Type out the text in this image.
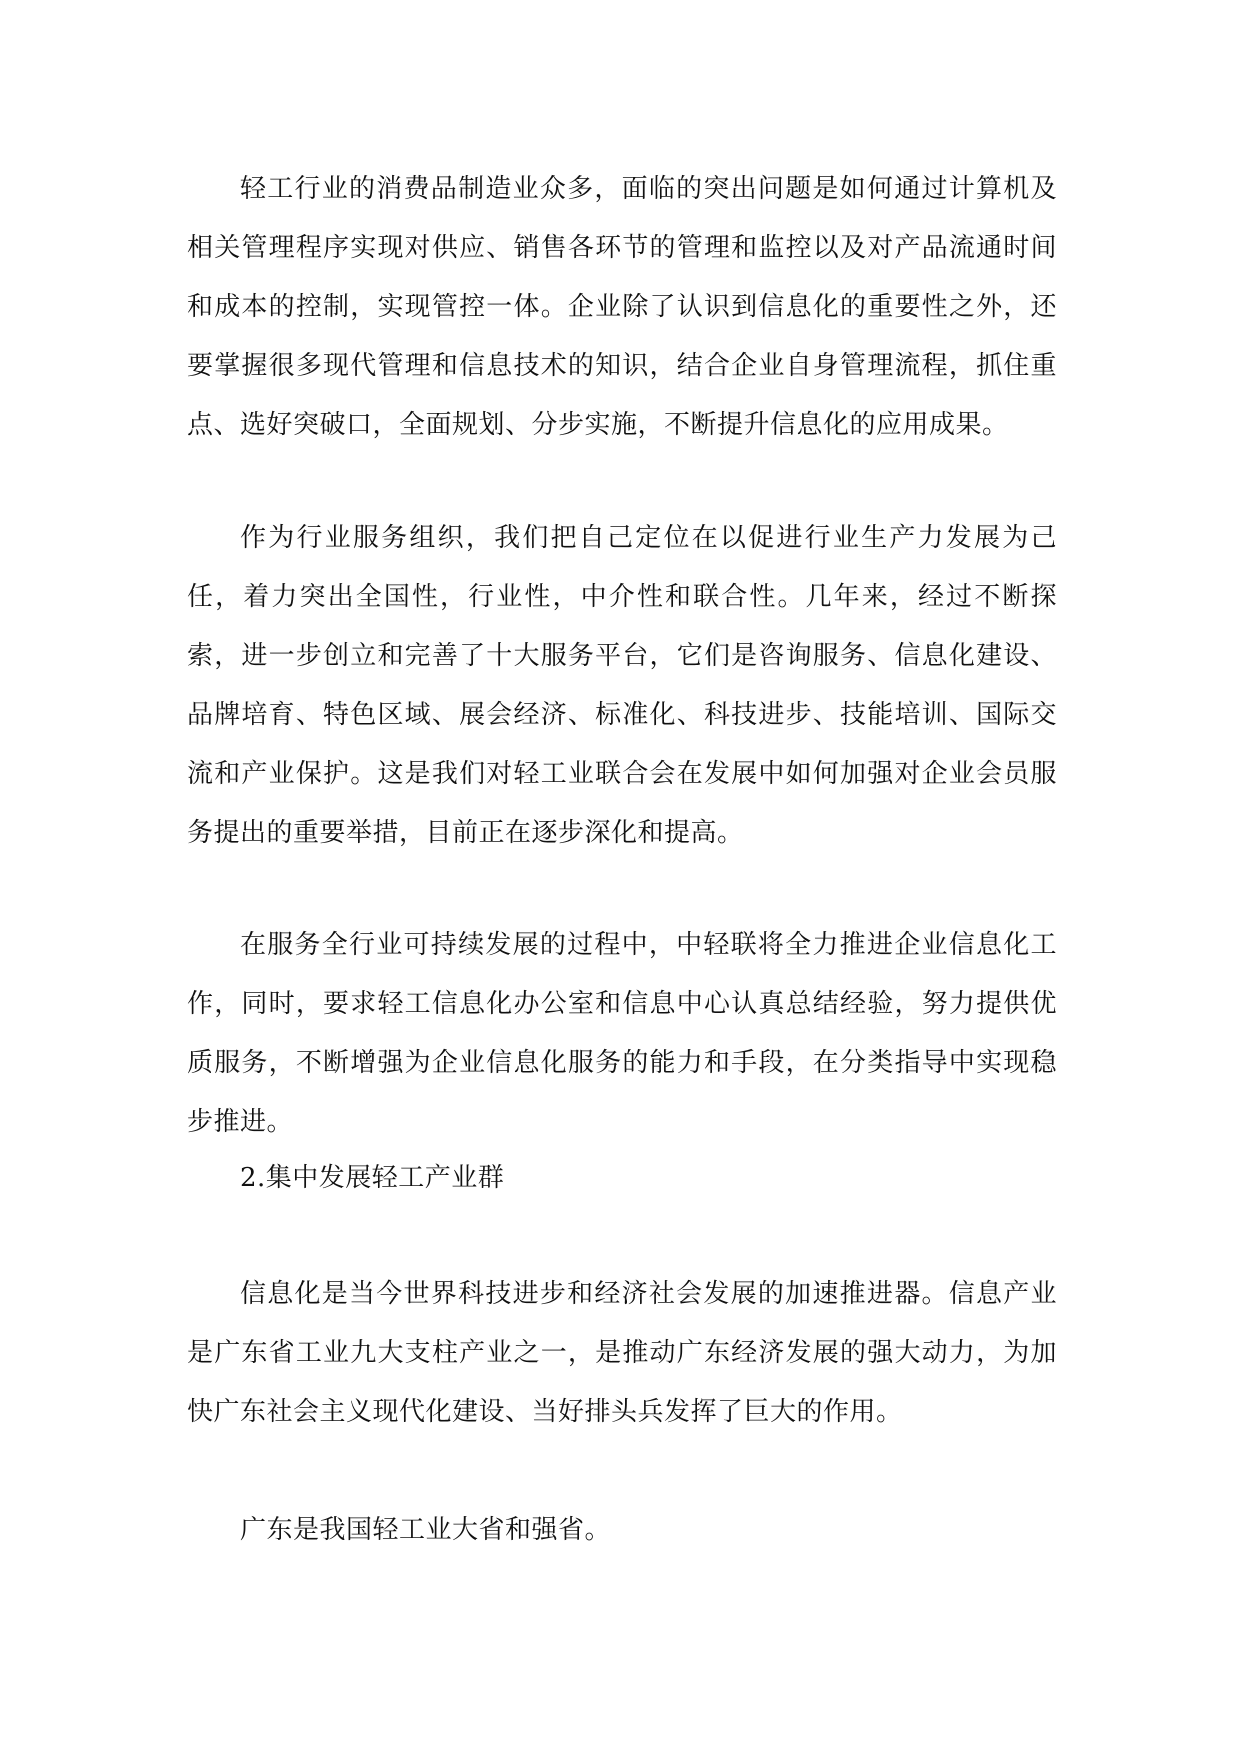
轻工行业的消费品制造业众多，面临的突出问题是如何通过计算机及相关管理程序实现对供应、销售各环节的管理和监控以及对产品流通时间和成本的控制，实现管控一体。企业除了认识到信息化的重要性之外，还要掌握很多现代管理和信息技术的知识，结合企业自身管理流程，抓住重点、选好突破口，全面规划、分步实施，不断提升信息化的应用成果。

作为行业服务组织，我们把自己定位在以促进行业生产力发展为己任，着力突出全国性，行业性，中介性和联合性。几年来，经过不断探索，进一步创立和完善了十大服务平台，它们是咨询服务、信息化建设、品牌培育、特色区域、展会经济、标准化、科技进步、技能培训、国际交流和产业保护。这是我们对轻工业联合会在发展中如何加强对企业会员服务提出的重要举措，目前正在逐步深化和提高。

在服务全行业可持续发展的过程中，中轻联将全力推进企业信息化工作，同时，要求轻工信息化办公室和信息中心认真总结经验，努力提供优质服务，不断增强为企业信息化服务的能力和手段，在分类指导中实现稳步推进。

2.集中发展轻工产业群

信息化是当今世界科技进步和经济社会发展的加速推进器。信息产业是广东省工业九大支柱产业之一，是推动广东经济发展的强大动力，为加快广东社会主义现代化建设、当好排头兵发挥了巨大的作用。

广东是我国轻工业大省和强省。
